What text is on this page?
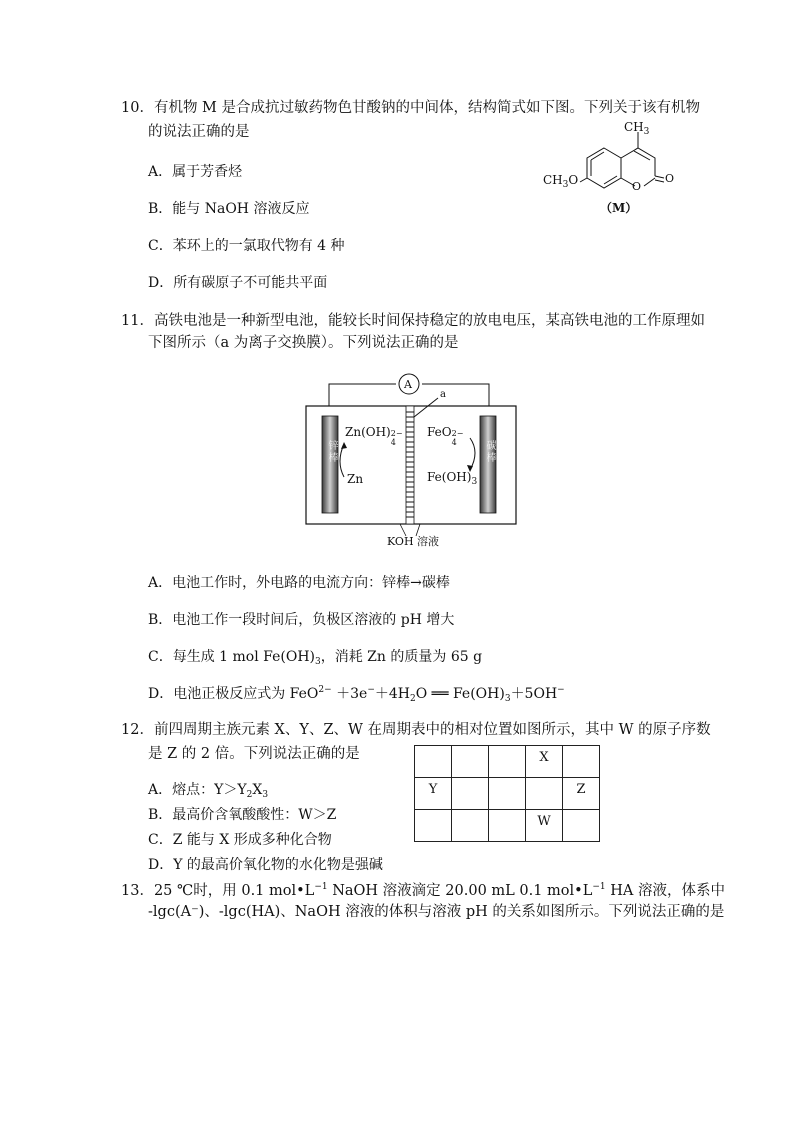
10．有机物 M 是合成抗过敏药物色甘酸钠的中间体，结构简式如下图。下列关于该有机物
的说法正确的是
A．属于芳香烃
B．能与 NaOH 溶液反应
C．苯环上的一氯取代物有 4 种
D．所有碳原子不可能共平面
$CH_3$
$CH_3O$	O
O
（M）
11．高铁电池是一种新型电池，能较长时间保持稳定的放电电压，某高铁电池的工作原理如
下图所示（a 为离子交换膜）。下列说法正确的是
A
a
锌棒	碳棒
Zn(OH) 2−
4
Zn
FeO 2−
4
$Fe(OH)_3$
KOH 溶液
A．电池工作时，外电路的电流方向：锌棒→碳棒
B．电池工作一段时间后，负极区溶液的 pH 增大
C．每生成 1 mol $Fe(OH)_3$，消耗 Zn 的质量为 65 g
D．电池正极反应式为 $FeO^{2-} +3e^-+4H_2O$ ══ $Fe(OH)_3+5OH^-$
12．前四周期主族元素 X、Y、Z、W 在周期表中的相对位置如图所示，其中 W 的原子序数
是 Z 的 2 倍。下列说法正确的是
A．熔点：$Y>Y_2X_3$
B．最高价含氧酸酸性：W＞Z
C．Z 能与 X 形成多种化合物
D．Y 的最高价氧化物的水化物是强碱
			X	
Y				Z
			W	
13．25 ℃时，用 0.1 $mol•L^{-1}$ NaOH 溶液滴定 20.00 mL 0.1 $mol•L^{-1}$ HA 溶液，体系中
-lgc(A⁻)、-lgc(HA)、NaOH 溶液的体积与溶液 pH 的关系如图所示。下列说法正确的是
